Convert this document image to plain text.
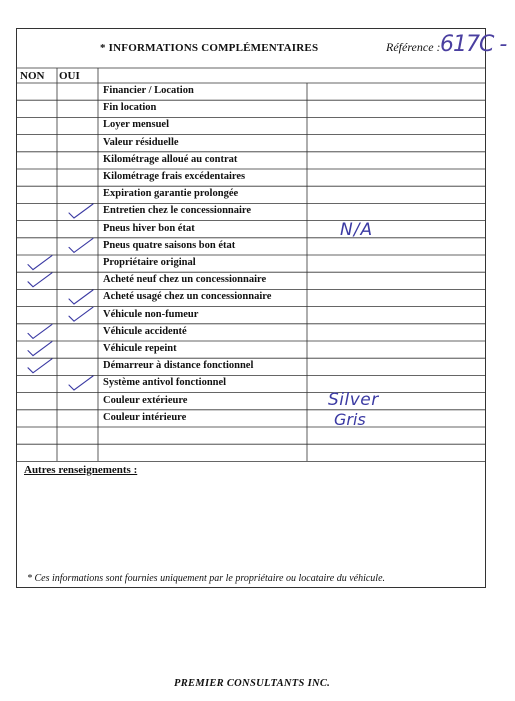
* INFORMATIONS COMPLÉMENTAIRES	Référence : 617C -
NON OUI
Financier / Location
Fin location
Loyer mensuel
Valeur résiduelle
Kilométrage alloué au contrat
Kilométrage frais excédentaires
Expiration garantie prolongée
Entretien chez le concessionnaire
Pneus hiver bon état
Pneus quatre saisons bon état
Propriétaire original
Acheté neuf chez un concessionnaire
Acheté usagé chez un concessionnaire
Véhicule non-fumeur
Véhicule accidenté
Véhicule repeint
Démarreur à distance fonctionnel
Système antivol fonctionnel
Couleur extérieure
Couleur intérieure
N/A
Silver
Gris
Autres renseignements :
* Ces informations sont fournies uniquement par le propriétaire ou locataire du véhicule.
PREMIER CONSULTANTS INC.
